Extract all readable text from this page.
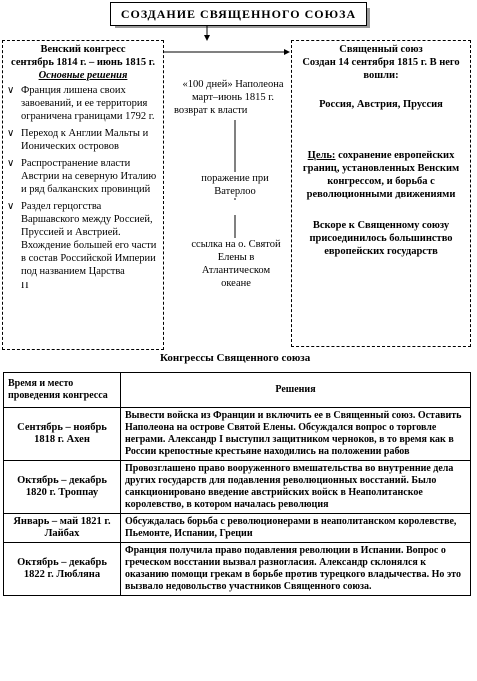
СОЗДАНИЕ СВЯЩЕННОГО СОЮЗА
Венский конгресс
сентябрь 1814 г. – июнь 1815 г.
Основные решения
∨ Франция лишена своих завоеваний, и ее территория ограничена границами 1792 г.
∨ Переход к Англии Мальты и Ионических островов
∨ Распространение власти Австрии на северную Италию и ряд балканских провинций
∨ Раздел герцогства Варшавского между Россией, Пруссией и Австрией. Вхождение большей его части в состав Российской Империи под названием Царства
П
«100 дней» Наполеона март–июнь 1815 г.
возврат к власти
поражение при Ватерлоо
ссылка на о. Святой Елены в Атлантическом океане
Священный союз
Создан 14 сентября 1815 г. В него вошли:
Россия, Австрия, Пруссия
Цель: сохранение европейских границ, установленных Венским конгрессом, и борьба с революционными движениями
Вскоре к Священному союзу присоединилось большинство европейских государств
Конгрессы Священного союза
Время и место проведения конгресса	Решения
Сентябрь – ноябрь 1818 г. Ахен	Вывести войска из Франции и включить ее в Священный союз. Оставить Наполеона на острове Святой Елены. Обсуждался вопрос о торговле неграми. Александр I выступил защитником черноков, в то время как в России крепостные крестьяне находились на положении рабов
Октябрь – декабрь 1820 г. Троппау	Провозглашено право вооруженного вмешательства во внутренние дела других государств для подавления революционных восстаний. Было санкционировано введение австрийских войск в Неаполитанское королевство, в котором началась революция
Январь – май 1821 г. Лайбах	Обсуждалась борьба с революционерами в неаполитанском королевстве, Пьемонте, Испании, Греции
Октябрь – декабрь 1822 г. Любляна	Франция получила право подавления революции в Испании. Вопрос о греческом восстании вызвал разногласия. Александр склонялся к оказанию помощи грекам в борьбе против турецкого владычества. Но это вызвало недовольство участников Священного союза.
